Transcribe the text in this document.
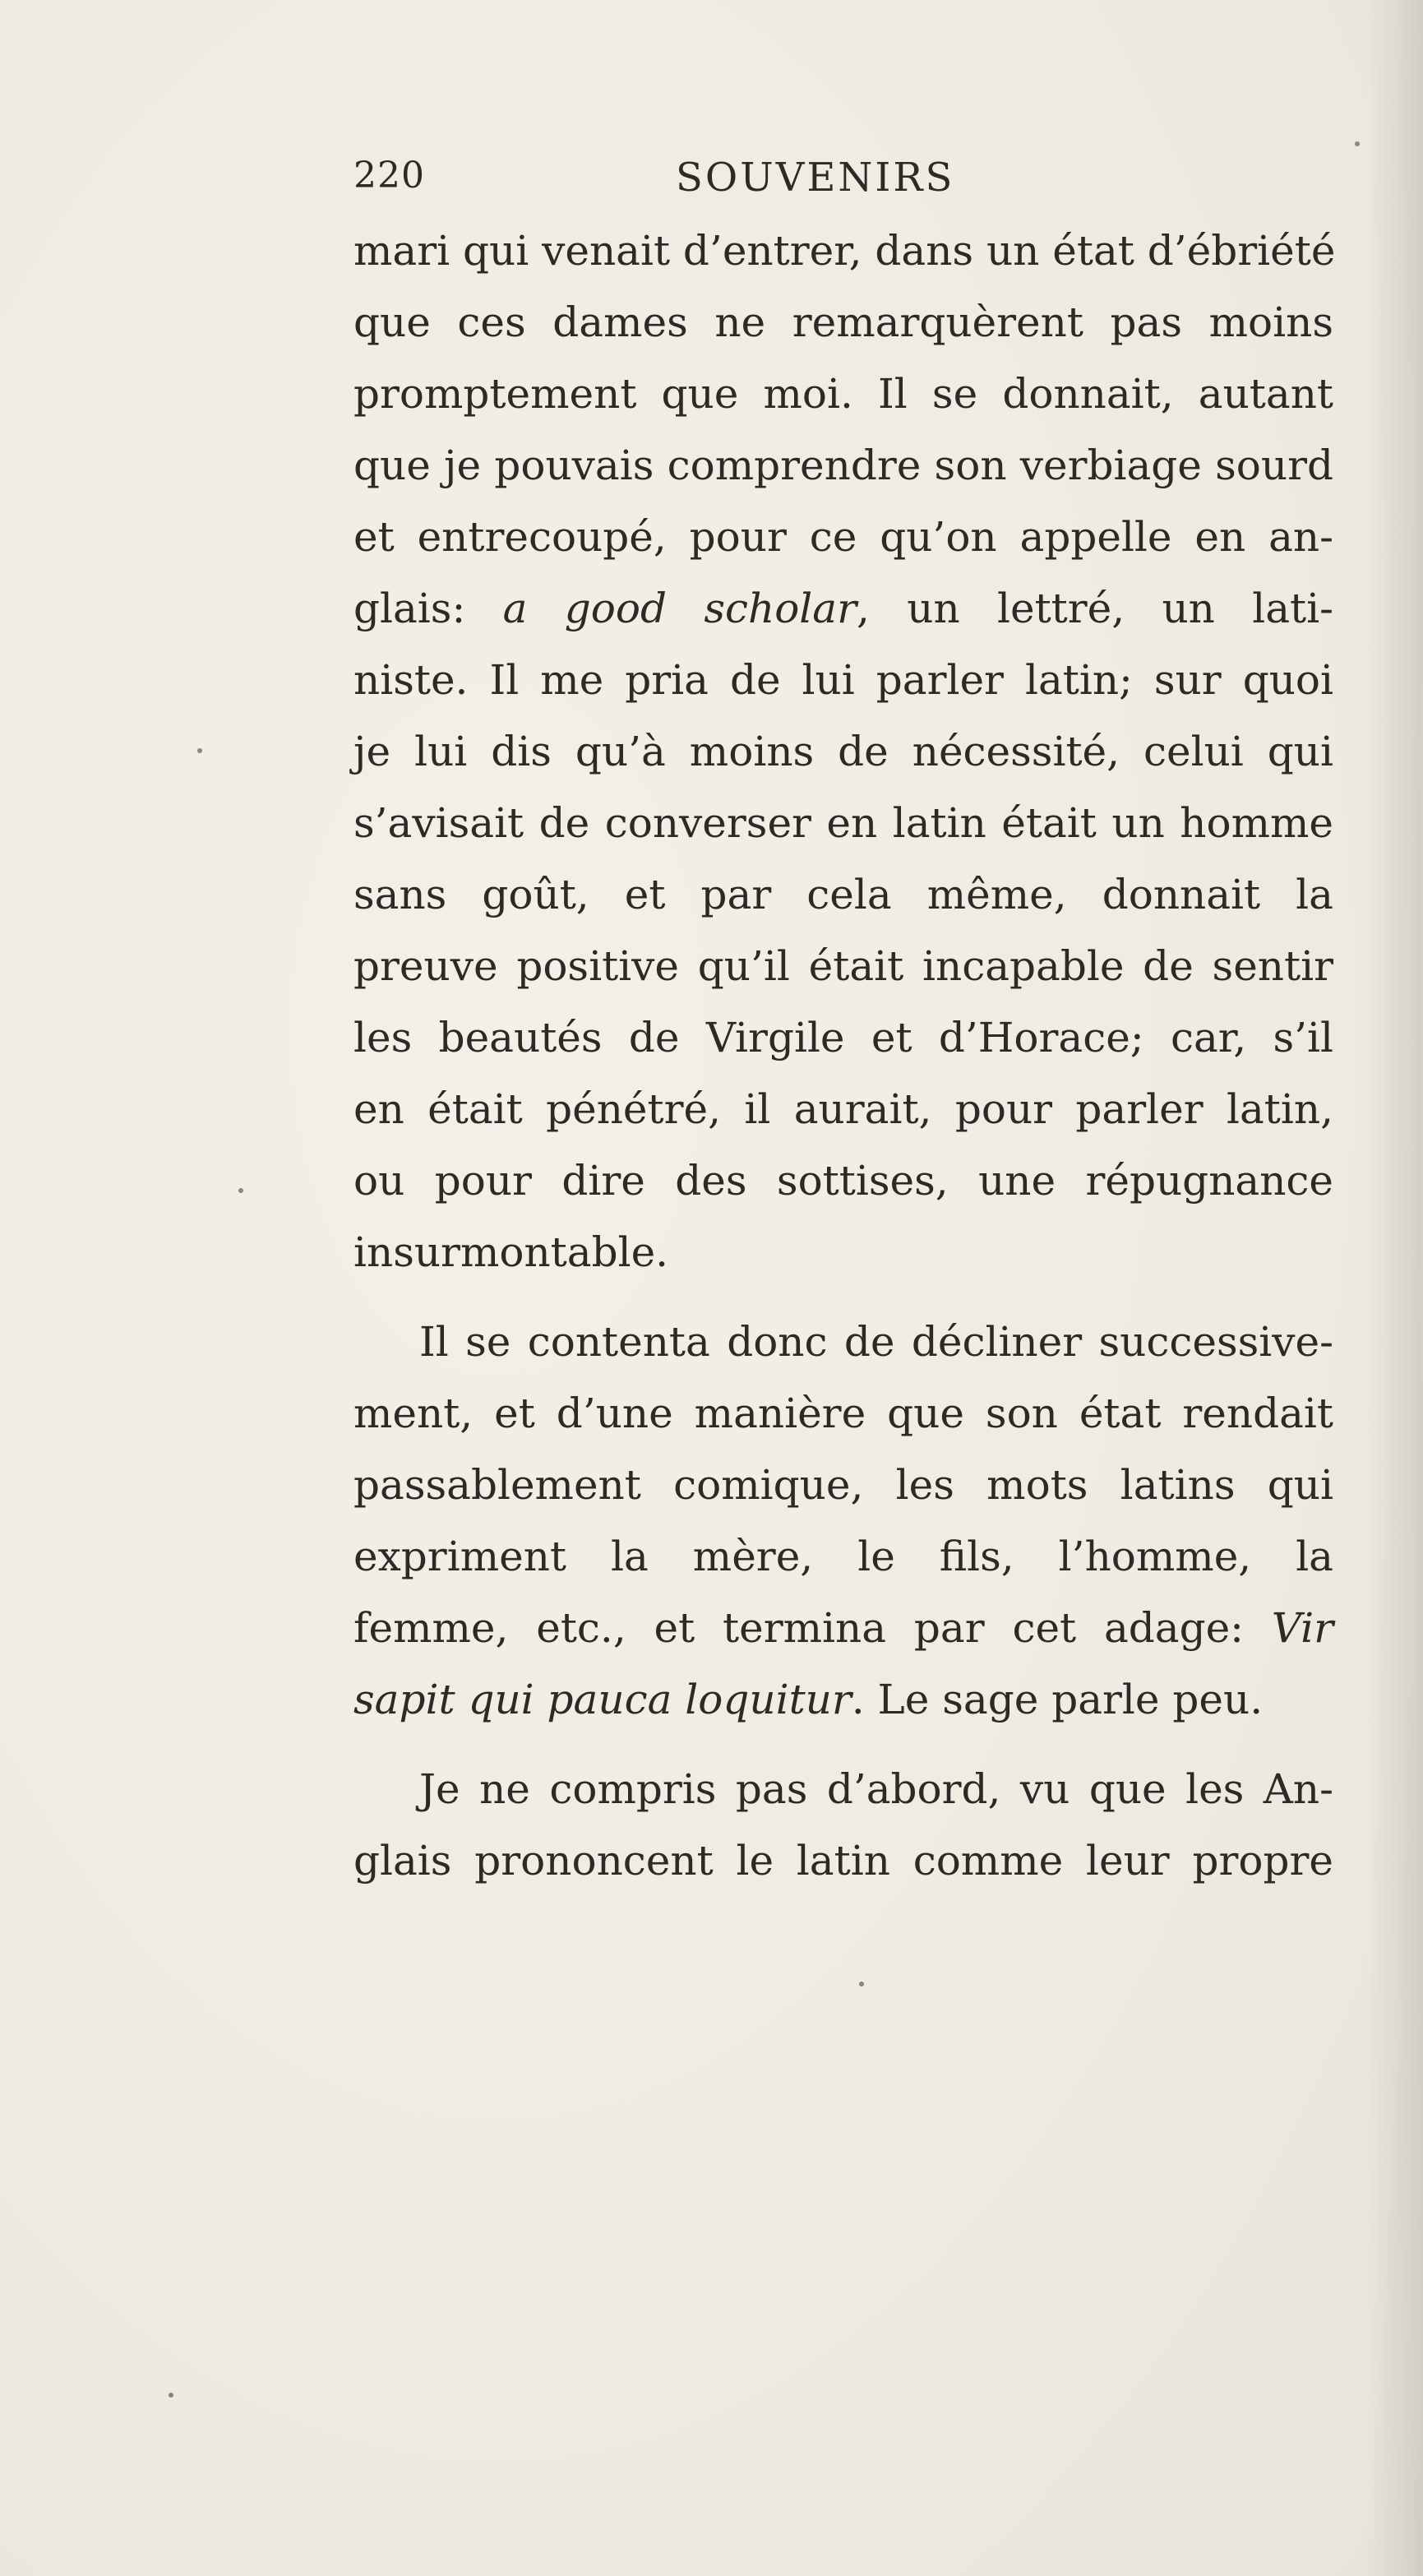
220	SOUVENIRS
mari qui venait d’entrer, dans un état d’ébriété
que ces dames ne remarquèrent pas moins
promptement que moi. Il se donnait, autant
que je pouvais comprendre son verbiage sourd
et entrecoupé, pour ce qu’on appelle en an-
glais: a good scholar, un lettré, un lati-
niste. Il me pria de lui parler latin; sur quoi
je lui dis qu’à moins de nécessité, celui qui
s’avisait de converser en latin était un homme
sans goût, et par cela même, donnait la
preuve positive qu’il était incapable de sentir
les beautés de Virgile et d’Horace; car, s’il
en était pénétré, il aurait, pour parler latin,
ou pour dire des sottises, une répugnance
insurmontable.
Il se contenta donc de décliner successive-
ment, et d’une manière que son état rendait
passablement comique, les mots latins qui
expriment la mère, le fils, l’homme, la
femme, etc., et termina par cet adage: Vir
sapit qui pauca loquitur. Le sage parle peu.
Je ne compris pas d’abord, vu que les An-
glais prononcent le latin comme leur propre
